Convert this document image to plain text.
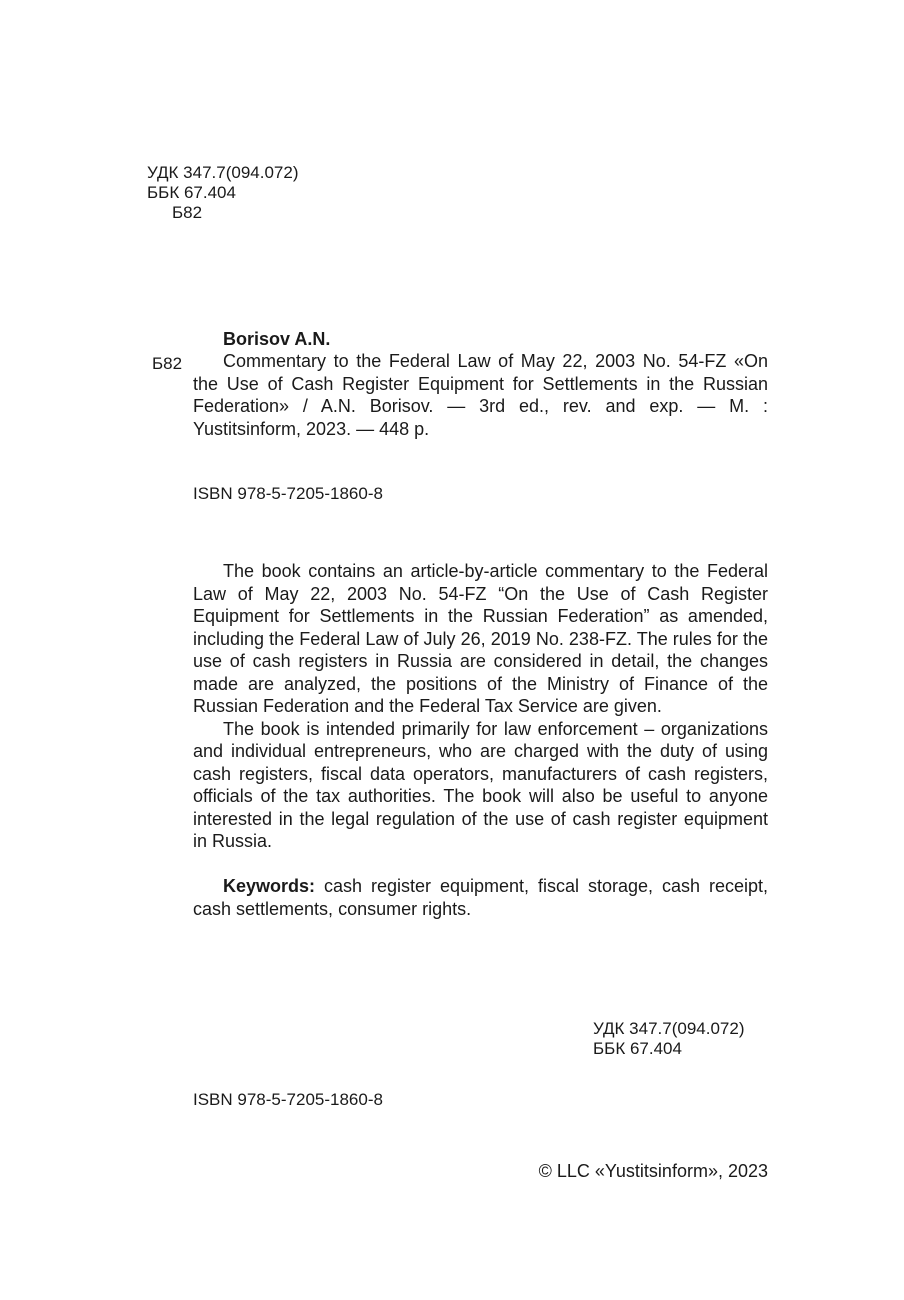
УДК 347.7(094.072)
ББК 67.404
Б82
Borisov A.N.
Б82	Commentary to the Federal Law of May 22, 2003 No. 54-FZ «On the Use of Cash Register Equipment for Settlements in the Russian Federation» / A.N. Borisov. — 3rd ed., rev. and exp. — M. : Yustitsinform, 2023. — 448 p.

ISBN 978-5-7205-1860-8

The book contains an article-by-article commentary to the Federal Law of May 22, 2003 No. 54-FZ “On the Use of Cash Register Equipment for Settlements in the Russian Federation” as amended, including the Federal Law of July 26, 2019 No. 238-FZ. The rules for the use of cash registers in Russia are considered in detail, the changes made are analyzed, the positions of the Ministry of Finance of the Russian Federation and the Federal Tax Service are given.

The book is intended primarily for law enforcement – organizations and individual entrepreneurs, who are charged with the duty of using cash registers, fiscal data operators, manufacturers of cash registers, officials of the tax authorities. The book will also be useful to anyone interested in the legal regulation of the use of cash register equipment in Russia.

Keywords: cash register equipment, fiscal storage, cash receipt, cash settlements, consumer rights.

УДК 347.7(094.072)
ББК 67.404
ISBN 978-5-7205-1860-8
© LLC «Yustitsinform», 2023
